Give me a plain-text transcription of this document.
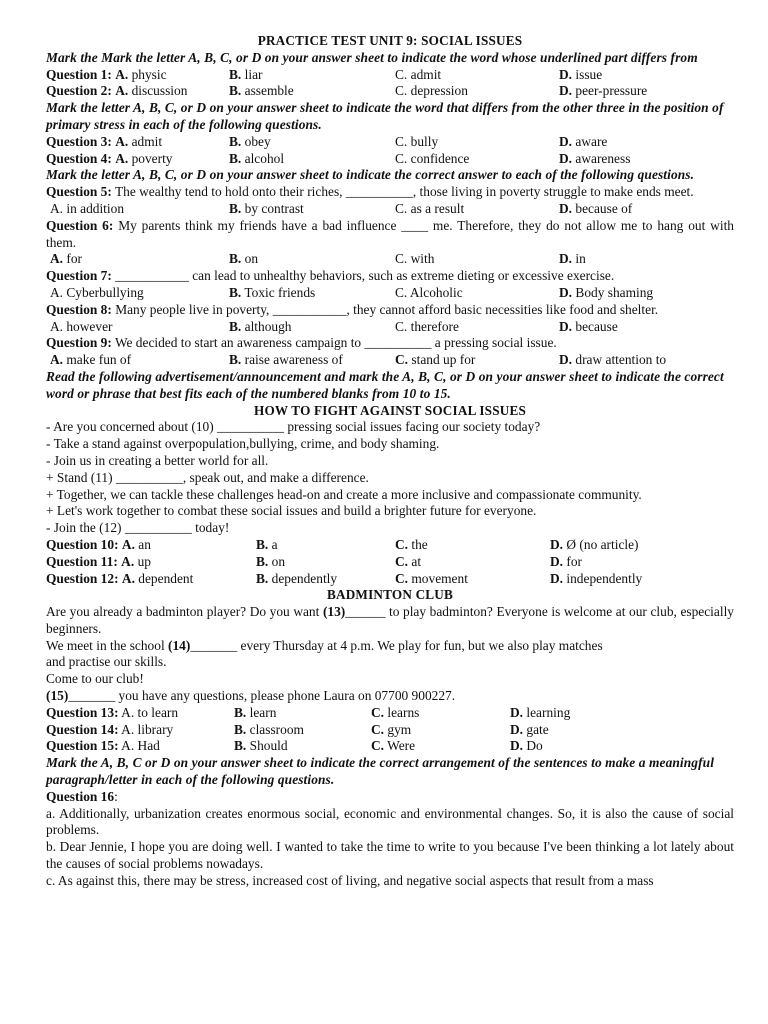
PRACTICE TEST UNIT 9: SOCIAL ISSUES
Mark the Mark the letter A, B, C, or D on your answer sheet to indicate the word whose underlined part differs from
Question 1: A. physic	B. liar	C. admit	D. issue
Question 2: A. discussion	B. assemble	C. depression	D. peer-pressure
Mark the letter A, B, C, or D on your answer sheet to indicate the word that differs from the other three in the position of primary stress in each of the following questions.
Question 3: A. admit	B. obey	C. bully	D. aware
Question 4: A. poverty	B. alcohol	C. confidence	D. awareness
Mark the letter A, B, C, or D on your answer sheet to indicate the correct answer to each of the following questions.
Question 5: The wealthy tend to hold onto their riches, __________, those living in poverty struggle to make ends meet.
A. in addition	B. by contrast	C. as a result	D. because of
Question 6: My parents think my friends have a bad influence ____ me. Therefore, they do not allow me to hang out with them.
A. for	B. on	C. with	D. in
Question 7: ___________ can lead to unhealthy behaviors, such as extreme dieting or excessive exercise.
A. Cyberbullying	B. Toxic friends	C. Alcoholic	D. Body shaming
Question 8: Many people live in poverty, ___________, they cannot afford basic necessities like food and shelter.
A. however	B. although	C. therefore	D. because
Question 9: We decided to start an awareness campaign to __________ a pressing social issue.
A. make fun of	B. raise awareness of	C. stand up for	D. draw attention to
Read the following advertisement/announcement and mark the A, B, C, or D on your answer sheet to indicate the correct word or phrase that best fits each of the numbered blanks from 10 to 15.
HOW TO FIGHT AGAINST SOCIAL ISSUES
- Are you concerned about (10) __________ pressing social issues facing our society today?
- Take a stand against overpopulation,bullying, crime, and body shaming.
- Join us in creating a better world for all.
+ Stand (11) __________, speak out, and make a difference.
+ Together, we can tackle these challenges head-on and create a more inclusive and compassionate community.
+ Let's work together to combat these social issues and build a brighter future for everyone.
- Join the (12) __________ today!
Question 10: A. an	B. a	C. the	D. Ø (no article)
Question 11: A. up	B. on	C. at	D. for
Question 12: A. dependent	B. dependently	C. movement	D. independently
BADMINTON CLUB
Are you already a badminton player? Do you want (13)______ to play badminton? Everyone is welcome at our club, especially beginners.
We meet in the school (14)_______ every Thursday at 4 p.m. We play for fun, but we also play matches
and practise our skills.
Come to our club!
(15)_______ you have any questions, please phone Laura on 07700 900227.
Question 13: A. to learn	B. learn	C. learns	D. learning
Question 14: A. library	B. classroom	C. gym	D. gate
Question 15: A. Had	B. Should	C. Were	D. Do
Mark the A, B, C or D on your answer sheet to indicate the correct arrangement of the sentences to make a meaningful paragraph/letter in each of the following questions.
Question 16:
a. Additionally, urbanization creates enormous social, economic and environmental changes. So, it is also the cause of social problems.
b. Dear Jennie, I hope you are doing well. I wanted to take the time to write to you because I've been thinking a lot lately about the causes of social problems nowadays.
c. As against this, there may be stress, increased cost of living, and negative social aspects that result from a mass
